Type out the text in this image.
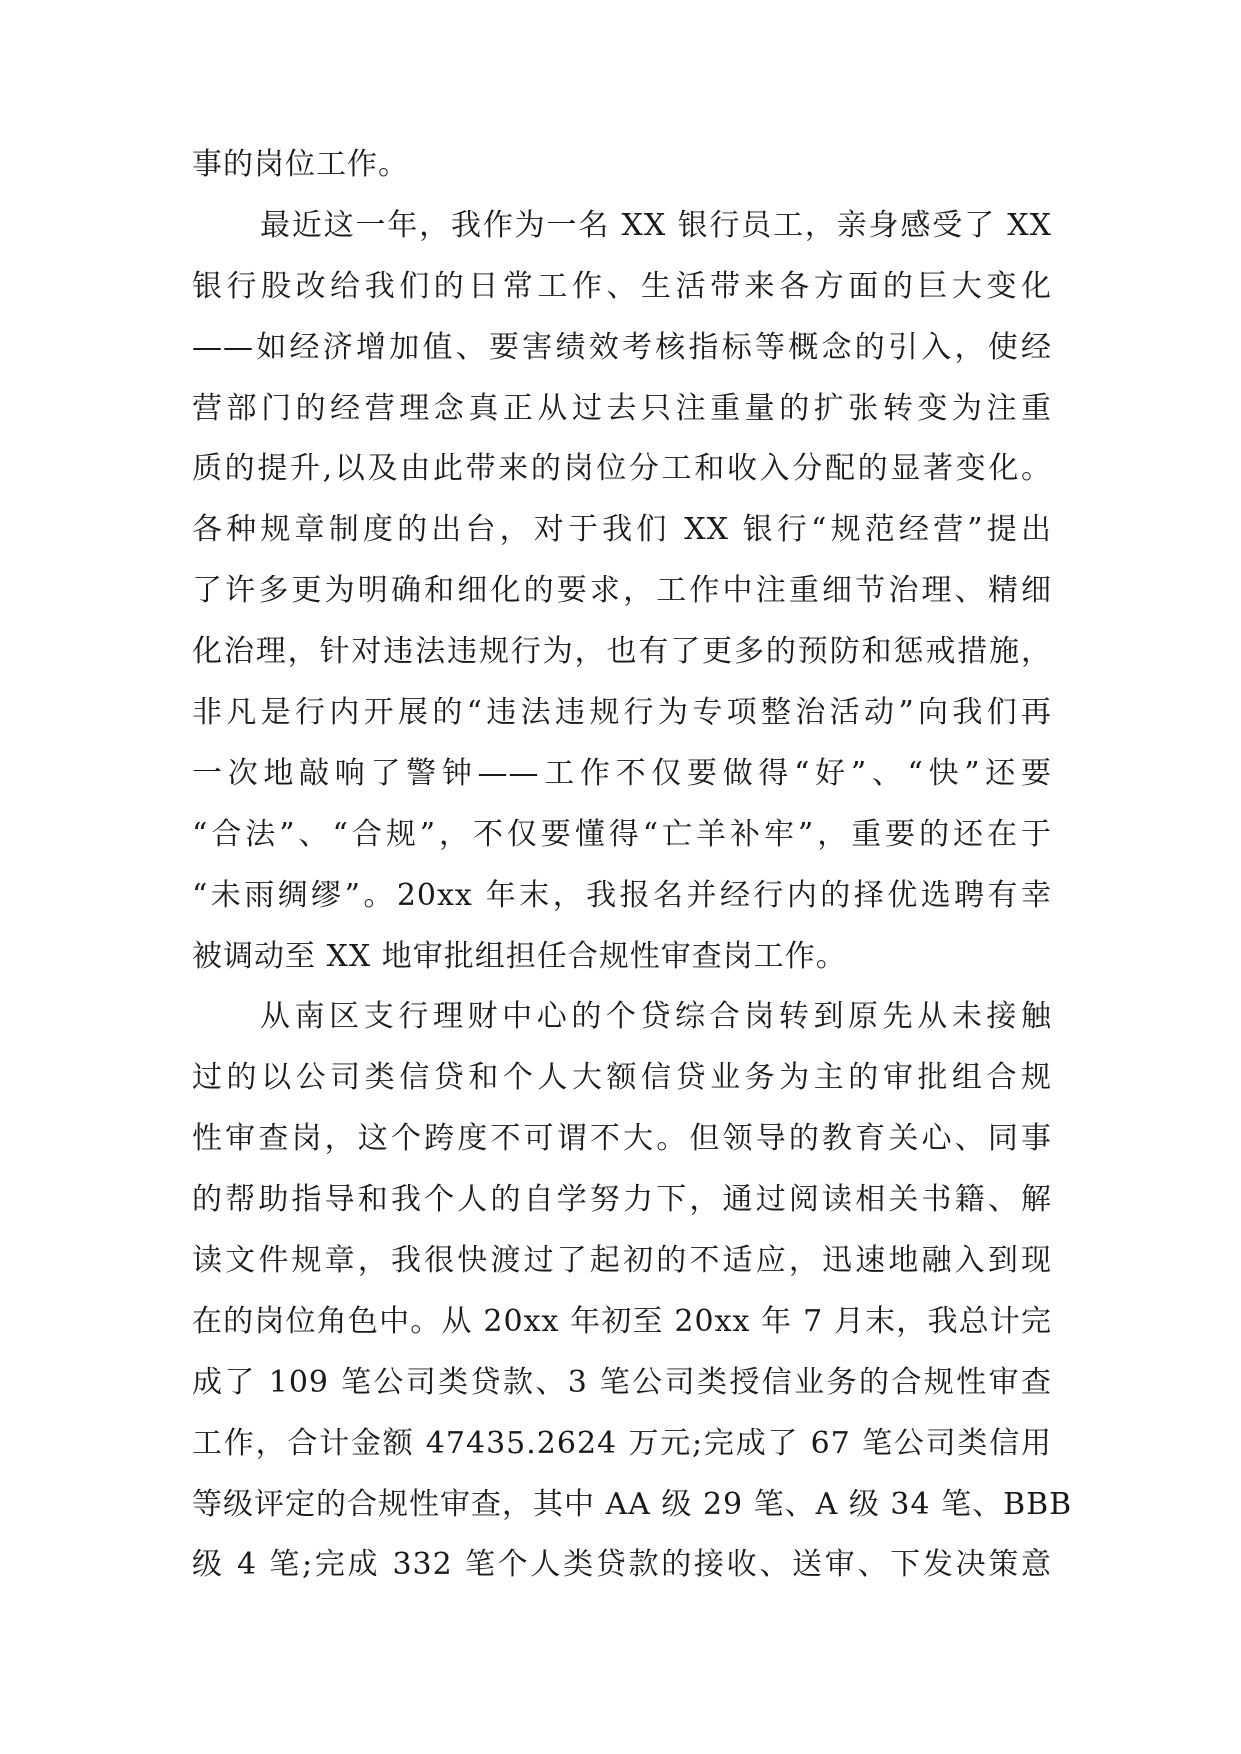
事的岗位工作。
最近这一年，我作为一名 XX 银行员工，亲身感受了 XX
银行股改给我们的日常工作、生活带来各方面的巨大变化
——如经济增加值、要害绩效考核指标等概念的引入，使经
营部门的经营理念真正从过去只注重量的扩张转变为注重
质的提升,以及由此带来的岗位分工和收入分配的显著变化。
各种规章制度的出台，对于我们 XX 银行“规范经营”提出
了许多更为明确和细化的要求，工作中注重细节治理、精细
化治理，针对违法违规行为，也有了更多的预防和惩戒措施，
非凡是行内开展的“违法违规行为专项整治活动”向我们再
一次地敲响了警钟——工作不仅要做得“好”、“快”还要
“合法”、“合规”，不仅要懂得“亡羊补牢”，重要的还在于
“未雨绸缪”。20xx 年末，我报名并经行内的择优选聘有幸
被调动至 XX 地审批组担任合规性审查岗工作。
从南区支行理财中心的个贷综合岗转到原先从未接触
过的以公司类信贷和个人大额信贷业务为主的审批组合规
性审查岗，这个跨度不可谓不大。但领导的教育关心、同事
的帮助指导和我个人的自学努力下，通过阅读相关书籍、解
读文件规章，我很快渡过了起初的不适应，迅速地融入到现
在的岗位角色中。从 20xx 年初至 20xx 年 7 月末，我总计完
成了 109 笔公司类贷款、3 笔公司类授信业务的合规性审查
工作，合计金额 47435.2624 万元;完成了 67 笔公司类信用
等级评定的合规性审查，其中 AA 级 29 笔、A 级 34 笔、BBB
级 4 笔;完成 332 笔个人类贷款的接收、送审、下发决策意
